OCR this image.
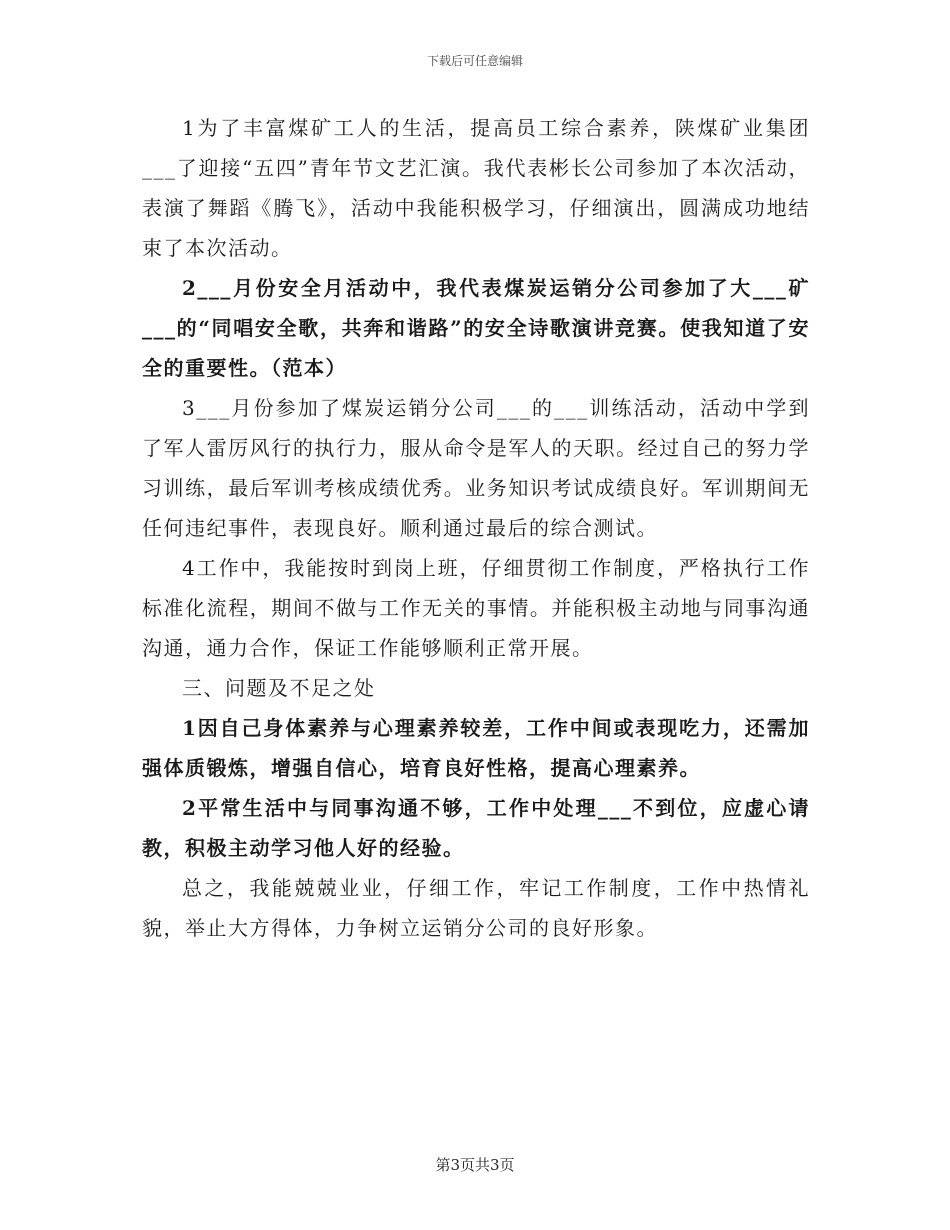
下载后可任意编辑

1为了丰富煤矿工人的生活，提高员工综合素养，陕煤矿业集团___了迎接“五四”青年节文艺汇演。我代表彬长公司参加了本次活动，表演了舞蹈《腾飞》，活动中我能积极学习，仔细演出，圆满成功地结束了本次活动。

2___月份安全月活动中，我代表煤炭运销分公司参加了大___矿___的“同唱安全歌，共奔和谐路”的安全诗歌演讲竞赛。使我知道了安全的重要性。（范本）

3___月份参加了煤炭运销分公司___的___训练活动，活动中学到了军人雷厉风行的执行力，服从命令是军人的天职。经过自己的努力学习训练，最后军训考核成绩优秀。业务知识考试成绩良好。军训期间无任何违纪事件，表现良好。顺利通过最后的综合测试。

4工作中，我能按时到岗上班，仔细贯彻工作制度，严格执行工作标准化流程，期间不做与工作无关的事情。并能积极主动地与同事沟通沟通，通力合作，保证工作能够顺利正常开展。

三、问题及不足之处

1因自己身体素养与心理素养较差，工作中间或表现吃力，还需加强体质锻炼，增强自信心，培育良好性格，提高心理素养。

2平常生活中与同事沟通不够，工作中处理___不到位，应虚心请教，积极主动学习他人好的经验。

总之，我能兢兢业业，仔细工作，牢记工作制度，工作中热情礼貌，举止大方得体，力争树立运销分公司的良好形象。

第3页共3页
